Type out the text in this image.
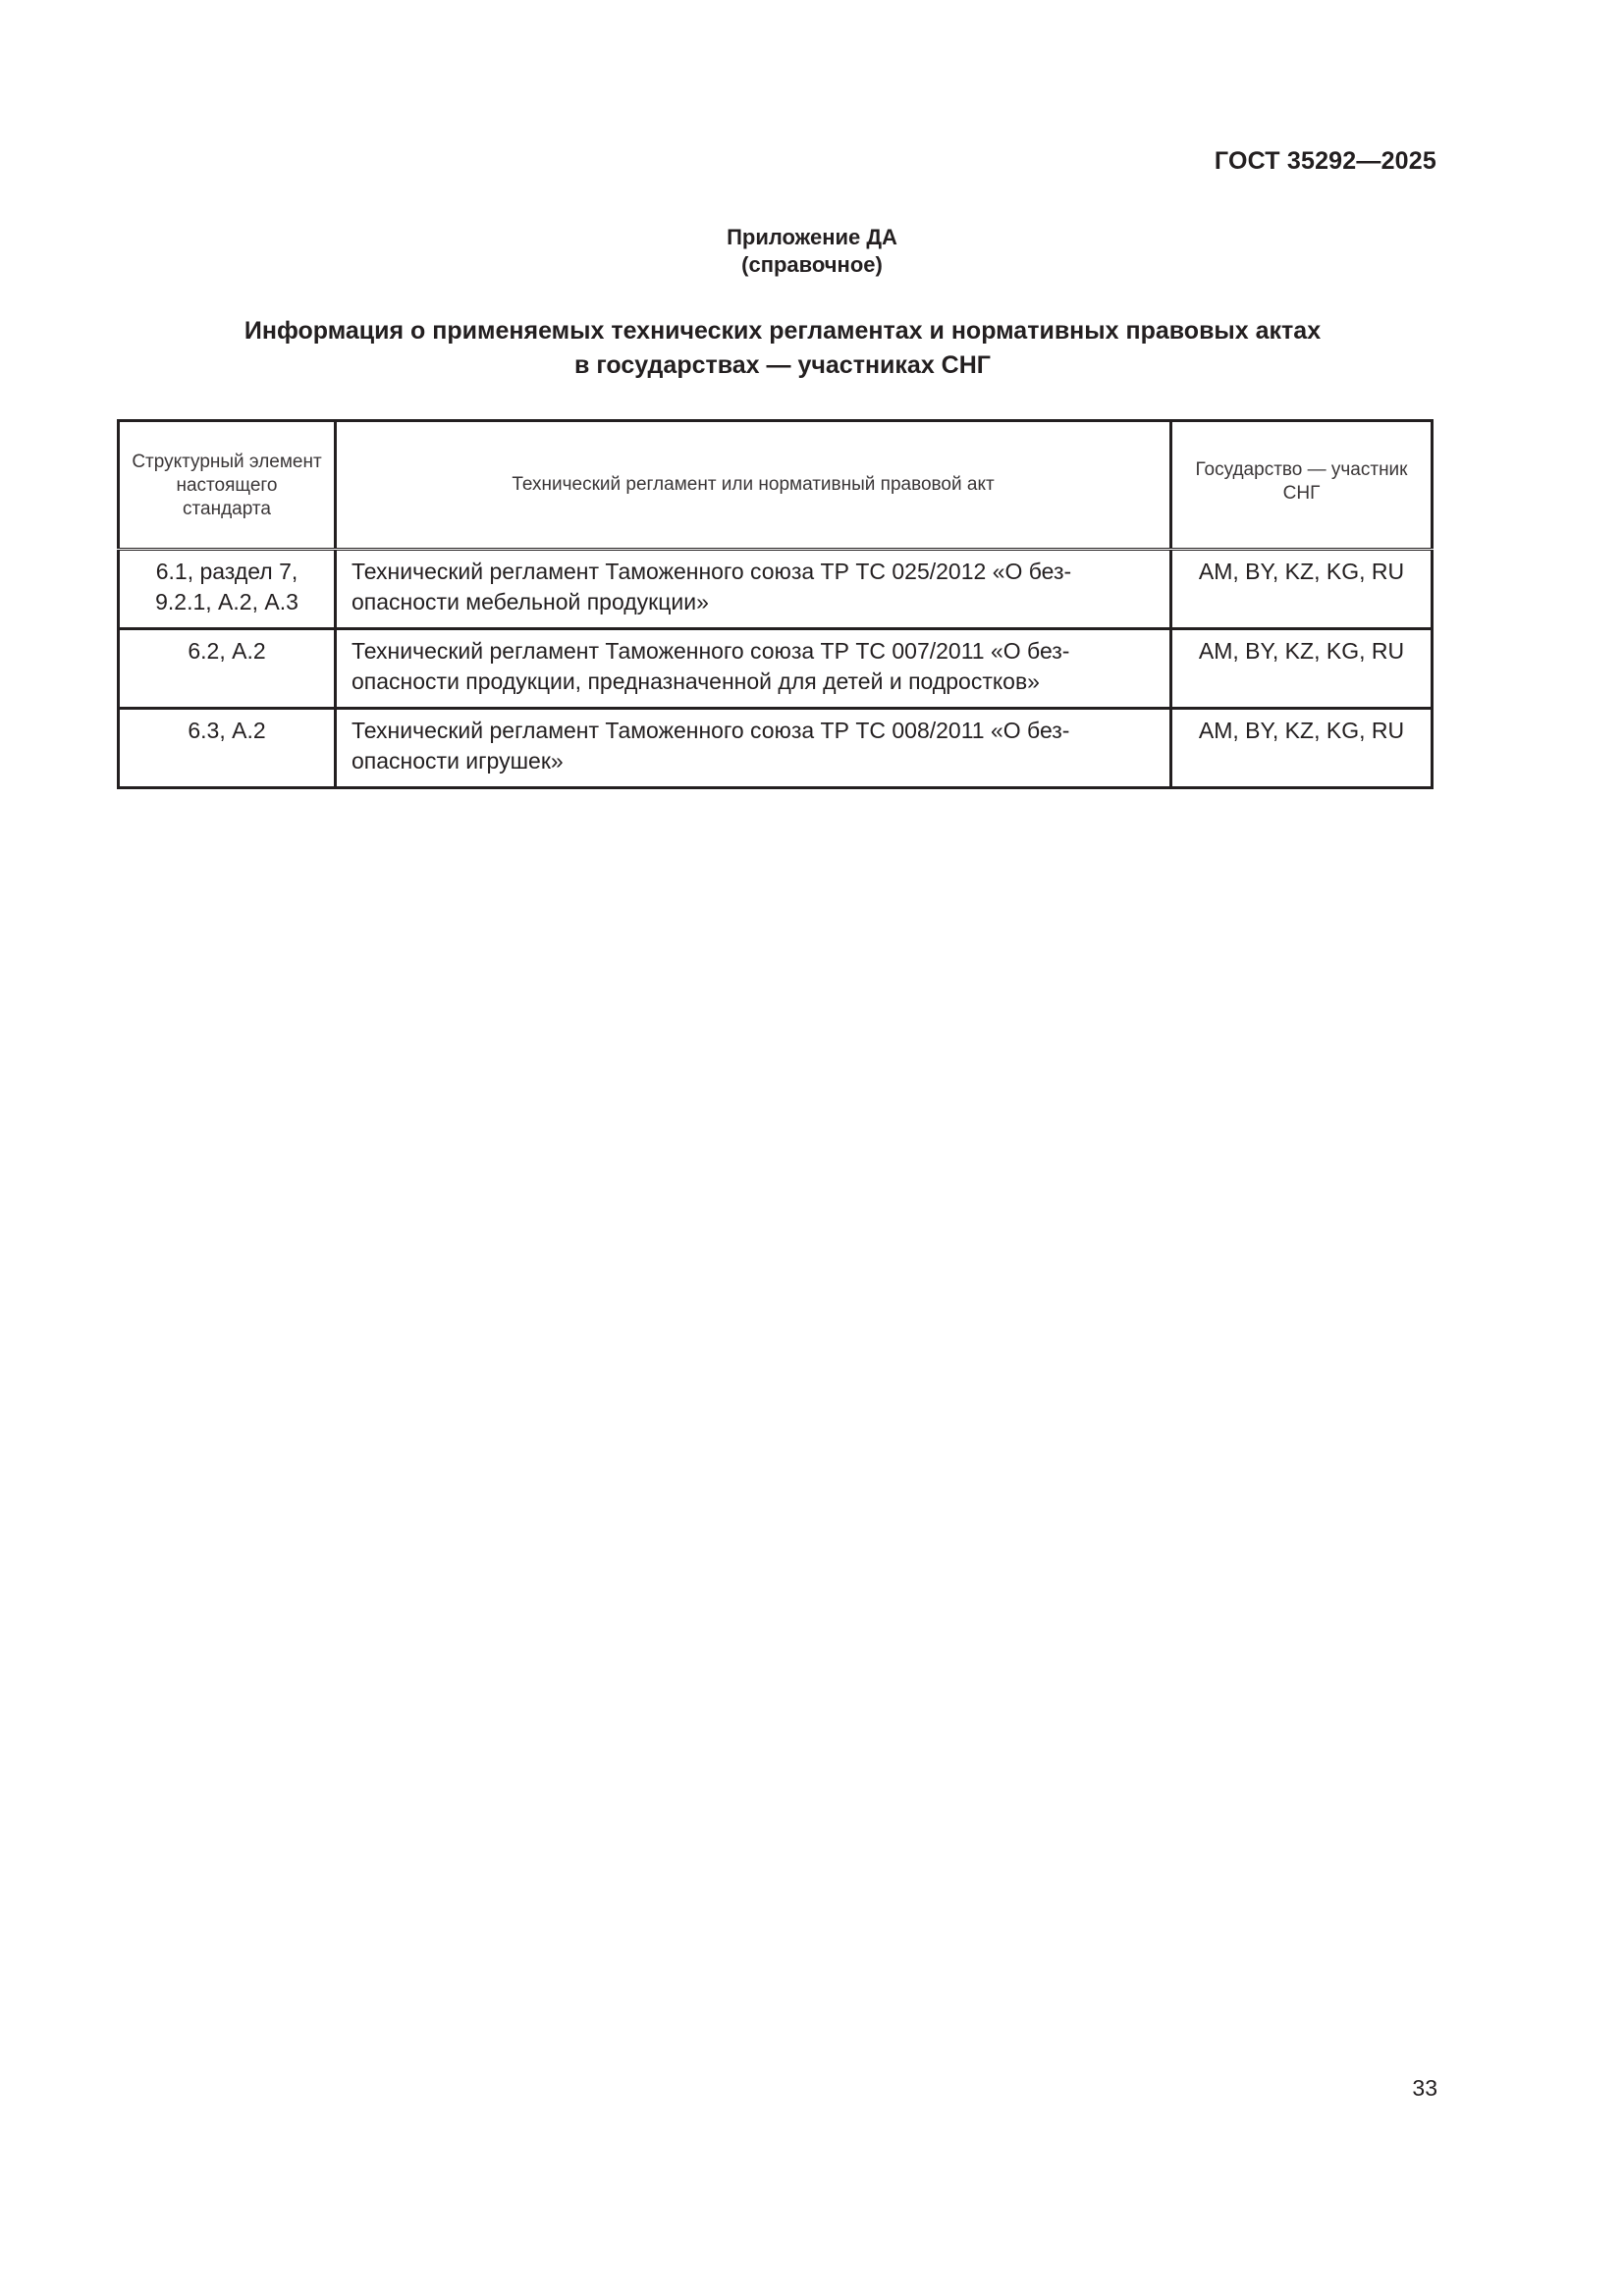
ГОСТ 35292—2025
Приложение ДА
(справочное)
Информация о применяемых технических регламентах и нормативных правовых актах
в государствах — участниках СНГ
Структурный элемент настоящего стандарта	Технический регламент или нормативный правовой акт	Государство — участник СНГ
6.1, раздел 7, 9.2.1, А.2, А.3	Технический регламент Таможенного союза ТР ТС 025/2012 «О без-опасности мебельной продукции»	AM, BY, KZ, KG, RU
6.2, А.2	Технический регламент Таможенного союза ТР ТС 007/2011 «О без-опасности продукции, предназначенной для детей и подростков»	AM, BY, KZ, KG, RU
6.3, А.2	Технический регламент Таможенного союза ТР ТС 008/2011 «О без-опасности игрушек»	AM, BY, KZ, KG, RU
33
